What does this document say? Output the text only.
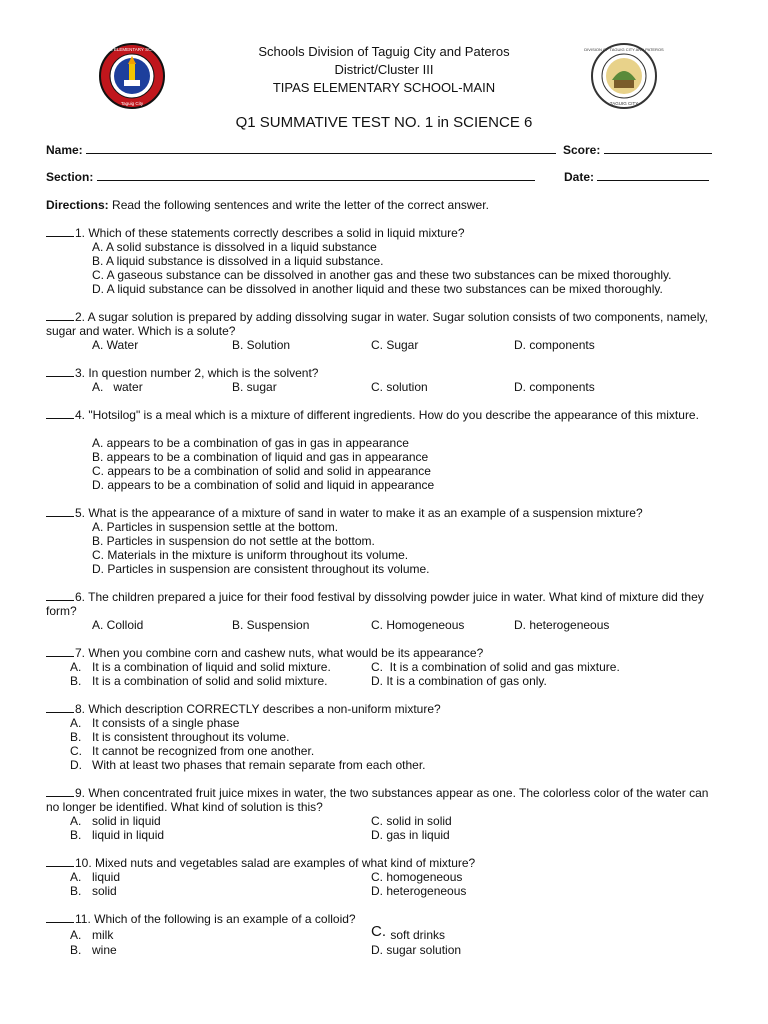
TIPAS ELEMENTARY SCHOOL
Taguig City
DIVISION OF TAGUIG CITY AND PATEROS
TAGUIG CITY
Schools Division of Taguig City and Pateros
District/Cluster III
TIPAS ELEMENTARY SCHOOL-MAIN
Q1 SUMMATIVE TEST NO. 1 in SCIENCE 6
Name:	Score:
Section:	Date:
Directions: Read the following sentences and write the letter of the correct answer.
1. Which of these statements correctly describes a solid in liquid mixture?
A. A solid substance is dissolved in a liquid substance
B. A liquid substance is dissolved in a liquid substance.
C. A gaseous substance can be dissolved in another gas and these two substances can be mixed thoroughly.
D. A liquid substance can be dissolved in another liquid and these two substances can be mixed thoroughly.
2. A sugar solution is prepared by adding dissolving sugar in water. Sugar solution consists of two components, namely, sugar and water. Which is a solute?
A. Water	B. Solution	C. Sugar	D. components
3. In question number 2, which is the solvent?
A.   water	B. sugar	C. solution	D. components
4. "Hotsilog" is a meal which is a mixture of different ingredients. How do you describe the appearance of this mixture.
A. appears to be a combination of gas in gas in appearance
B. appears to be a combination of liquid and gas in appearance
C. appears to be a combination of solid and solid in appearance
D. appears to be a combination of solid and liquid in appearance
5. What is the appearance of a mixture of sand in water to make it as an example of a suspension mixture?
A. Particles in suspension settle at the bottom.
B. Particles in suspension do not settle at the bottom.
C. Materials in the mixture is uniform throughout its volume.
D. Particles in suspension are consistent throughout its volume.
6. The children prepared a juice for their food festival by dissolving powder juice in water. What kind of mixture did they form?
A. Colloid	B. Suspension	C. Homogeneous	D. heterogeneous
7. When you combine corn and cashew nuts, what would be its appearance?
A. It is a combination of liquid and solid mixture.	C.  It is a combination of solid and gas mixture.
B. It is a combination of solid and solid mixture.	D. It is a combination of gas only.
8. Which description CORRECTLY describes a non-uniform mixture?
A. It consists of a single phase
B. It is consistent throughout its volume.
C. It cannot be recognized from one another.
D. With at least two phases that remain separate from each other.
9. When concentrated fruit juice mixes in water, the two substances appear as one. The colorless color of the water can no longer be identified. What kind of solution is this?
A. solid in liquid	C. solid in solid
B. liquid in liquid	D. gas in liquid
10. Mixed nuts and vegetables salad are examples of what kind of mixture?
A. liquid	C. homogeneous
B. solid	D. heterogeneous
11. Which of the following is an example of a colloid?
A. milk	C. soft drinks
B. wine	D. sugar solution
